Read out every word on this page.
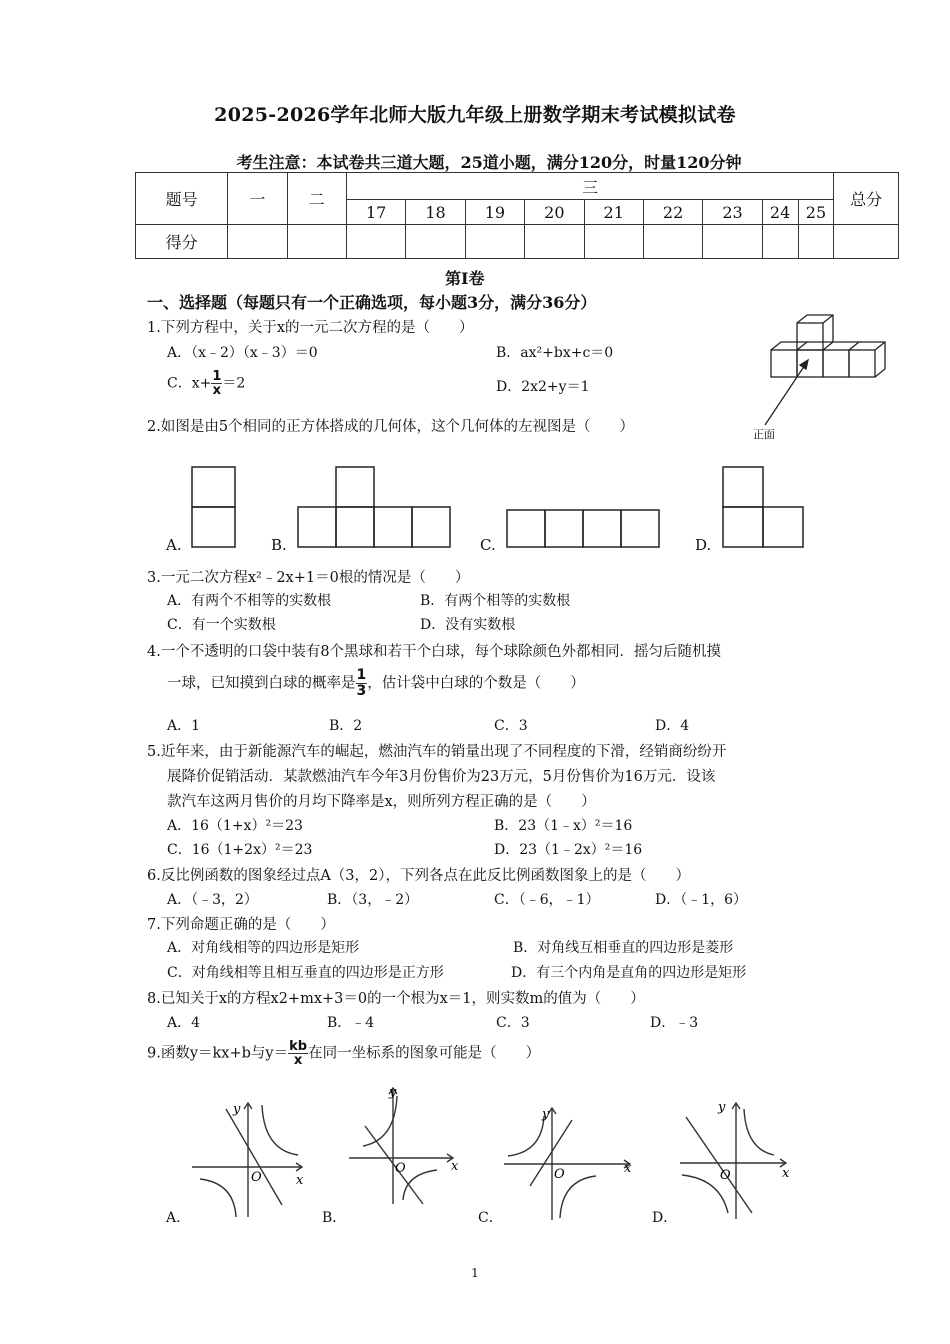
2025-2026学年北师大版九年级上册数学期末考试模拟试卷
考生注意：本试卷共三道大题，25道小题，满分120分，时量120分钟
题号	一	二	三									总分
			17	18	19	20	21	22	23	24	25	
得分												
第Ⅰ卷
一、选择题（每题只有一个正确选项，每小题3分，满分36分）
1.下列方程中，关于x的一元二次方程的是（　　）
A．（x﹣2）（x﹣3）＝0	B．ax²+bx+c＝0
C．$x+ \frac{1}{x} =2$	D．2x2+y＝1
正面
2.如图是由5个相同的正方体搭成的几何体，这个几何体的左视图是（　　）
A.	B.	C.	D.
3.一元二次方程x²﹣2x+1＝0根的情况是（　　）
A．有两个不相等的实数根	B．有两个相等的实数根
C．有一个实数根	D．没有实数根
4.一个不透明的口袋中装有8个黑球和若干个白球，每个球除颜色外都相同．摇匀后随机摸
一球，已知摸到白球的概率是 $\frac{1}{3}$ ，估计袋中白球的个数是（　　）
A．1	B．2	C．3	D．4
5.近年来，由于新能源汽车的崛起，燃油汽车的销量出现了不同程度的下滑，经销商纷纷开
展降价促销活动．某款燃油汽车今年3月份售价为23万元，5月份售价为16万元．设该
款汽车这两月售价的月均下降率是x，则所列方程正确的是（　　）
A．16（1+x）²＝23	B．23（1﹣x）²＝16
C．16（1+2x）²＝23	D．23（1﹣2x）²＝16
6.反比例函数的图象经过点A（3，2），下列各点在此反比例函数图象上的是（　　）
A．（﹣3，2）	B．（3，﹣2）	C．（﹣6，﹣1）	D．（﹣1，6）
7.下列命题正确的是（　　）
A．对角线相等的四边形是矩形	B．对角线互相垂直的四边形是菱形
C．对角线相等且相互垂直的四边形是正方形	D．有三个内角是直角的四边形是矩形
8.已知关于x的方程x2+mx+3＝0的一个根为x＝1，则实数m的值为（　　）
A．4	B．﹣4	C．3	D．﹣3
9.函数y＝kx+b与$y= \frac{kb}{x}$ 在同一坐标系的图象可能是（　　）
y
x
O
A．
y
x
O
B．
y
x
O
C．
y
x
O
D．
1
